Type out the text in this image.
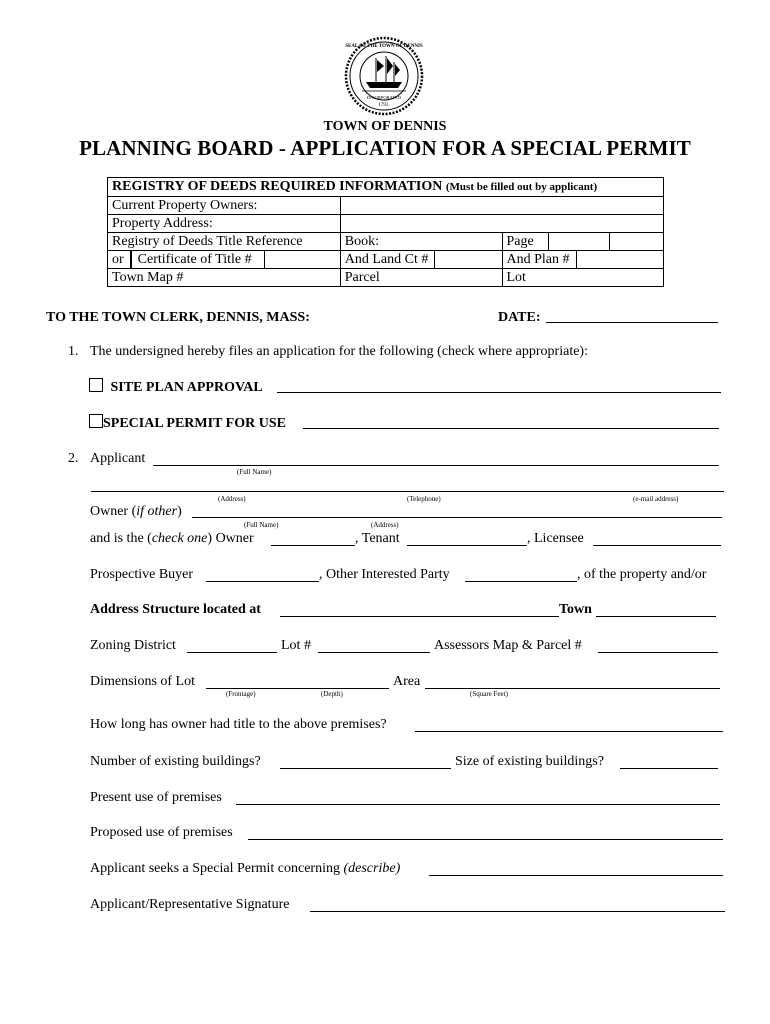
INCORPORATED
1793.
SEAL OF THE TOWN OF DENNIS
TOWN OF DENNIS
PLANNING BOARD - APPLICATION FOR A SPECIAL PERMIT
REGISTRY OF DEEDS REQUIRED INFORMATION (Must be filled out by applicant)		
Current Property Owners:		
Property Address:		
Registry of Deeds Title Reference	Book:	Page
or Certificate of Title #	And Land Ct #	And Plan #
Town Map #	Parcel	Lot
TO THE TOWN CLERK, DENNIS, MASS:	DATE:
1. The undersigned hereby files an application for the following (check where appropriate):
SITE PLAN APPROVAL
SPECIAL PERMIT FOR USE
2. Applicant
(Full Name)
(Address)	(Telephone)	(e-mail address)
Owner (if other)
(Full Name)	(Address)
and is the (check one) Owner	, Tenant	, Licensee
Prospective Buyer	, Other Interested Party	, of the property and/or
Address Structure located at	Town
Zoning District	Lot #	Assessors Map & Parcel #
Dimensions of Lot	Area
(Frontage)	(Depth)	(Square Feet)
How long has owner had title to the above premises?
Number of existing buildings?	Size of existing buildings?
Present use of premises
Proposed use of premises
Applicant seeks a Special Permit concerning (describe)
Applicant/Representative Signature
